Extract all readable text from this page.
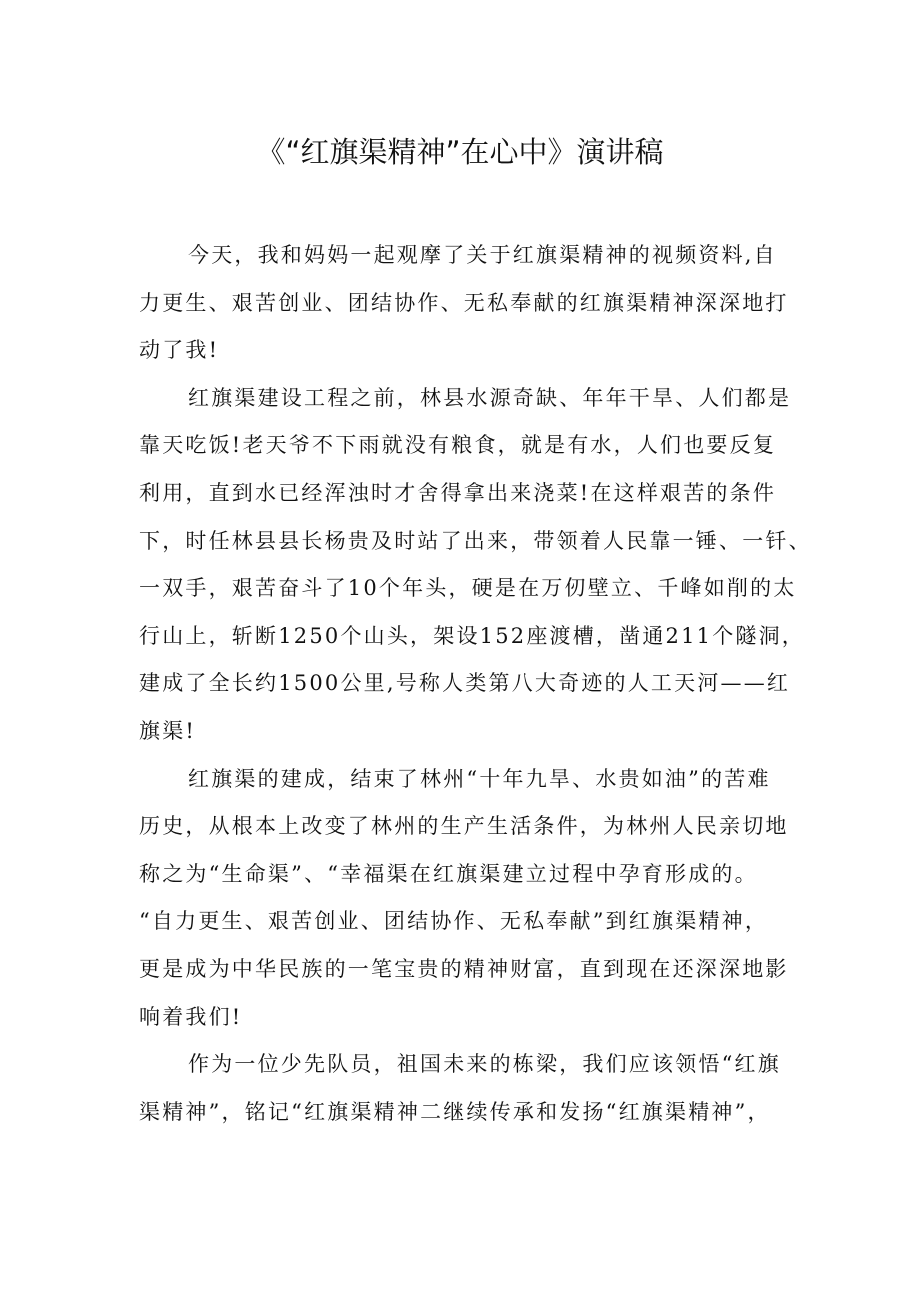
《“红旗渠精神”在心中》演讲稿
今天，我和妈妈一起观摩了关于红旗渠精神的视频资料,自
力更生、艰苦创业、团结协作、无私奉献的红旗渠精神深深地打
动了我!
红旗渠建设工程之前，林县水源奇缺、年年干旱、人们都是
靠天吃饭!老天爷不下雨就没有粮食，就是有水，人们也要反复
利用，直到水已经浑浊时才舍得拿出来浇菜!在这样艰苦的条件
下，时任林县县长杨贵及时站了出来，带领着人民靠一锤、一钎、
一双手，艰苦奋斗了10个年头，硬是在万仞壁立、千峰如削的太
行山上，斩断1250个山头，架设152座渡槽，凿通211个隧洞，
建成了全长约1500公里,号称人类第八大奇迹的人工天河——红
旗渠!
红旗渠的建成，结束了林州“十年九旱、水贵如油”的苦难
历史，从根本上改变了林州的生产生活条件，为林州人民亲切地
称之为“生命渠”、“幸福渠在红旗渠建立过程中孕育形成的。
“自力更生、艰苦创业、团结协作、无私奉献”到红旗渠精神，
更是成为中华民族的一笔宝贵的精神财富，直到现在还深深地影
响着我们!
作为一位少先队员，祖国未来的栋梁，我们应该领悟“红旗
渠精神”，铭记“红旗渠精神二继续传承和发扬“红旗渠精神”，
